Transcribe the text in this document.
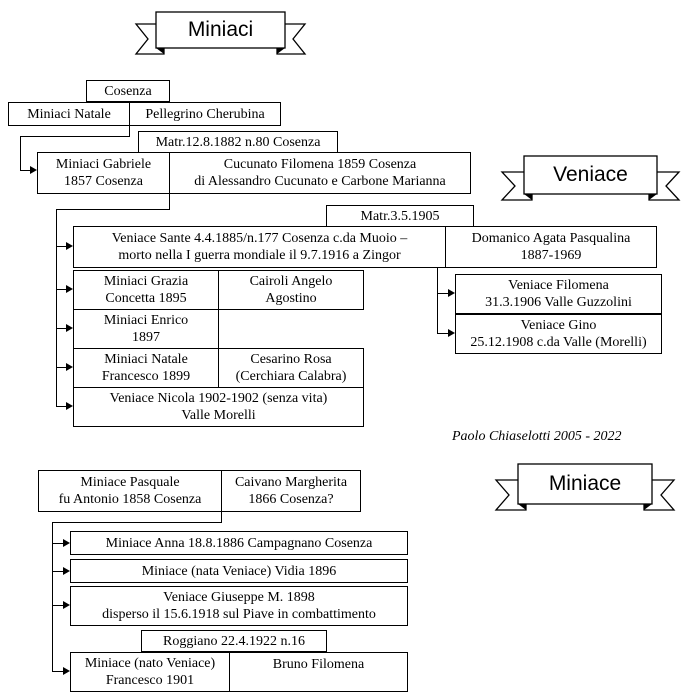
Miniaci
Veniace
Miniace
Cosenza
Miniaci Natale Pellegrino Cherubina
Matr.12.8.1882 n.80 Cosenza
Miniaci Gabriele
1857 Cosenza
Cucunato Filomena 1859 Cosenza
di Alessandro Cucunato e Carbone Marianna
Matr.3.5.1905
Veniace Sante 4.4.1885/n.177 Cosenza c.da Muoio –
morto nella I guerra mondiale il 9.7.1916 a Zingor
Domanico Agata Pasqualina
1887-1969
Miniaci Grazia
Concetta 1895
Cairoli Angelo
Agostino
Miniaci Enrico
1897
Miniaci Natale
Francesco 1899
Cesarino Rosa
(Cerchiara Calabra)
Veniace Nicola 1902-1902 (senza vita)
Valle Morelli
Veniace Filomena
31.3.1906 Valle Guzzolini
Veniace Gino
25.12.1908 c.da Valle (Morelli)
Paolo Chiaselotti 2005 - 2022
Miniace Pasquale
fu Antonio 1858 Cosenza
Caivano Margherita
1866 Cosenza?
Miniace Anna 18.8.1886 Campagnano Cosenza
Miniace (nata Veniace) Vidia 1896
Veniace Giuseppe M. 1898
disperso il 15.6.1918 sul Piave in combattimento
Roggiano 22.4.1922 n.16
Miniace (nato Veniace)
Francesco 1901
Bruno Filomena
